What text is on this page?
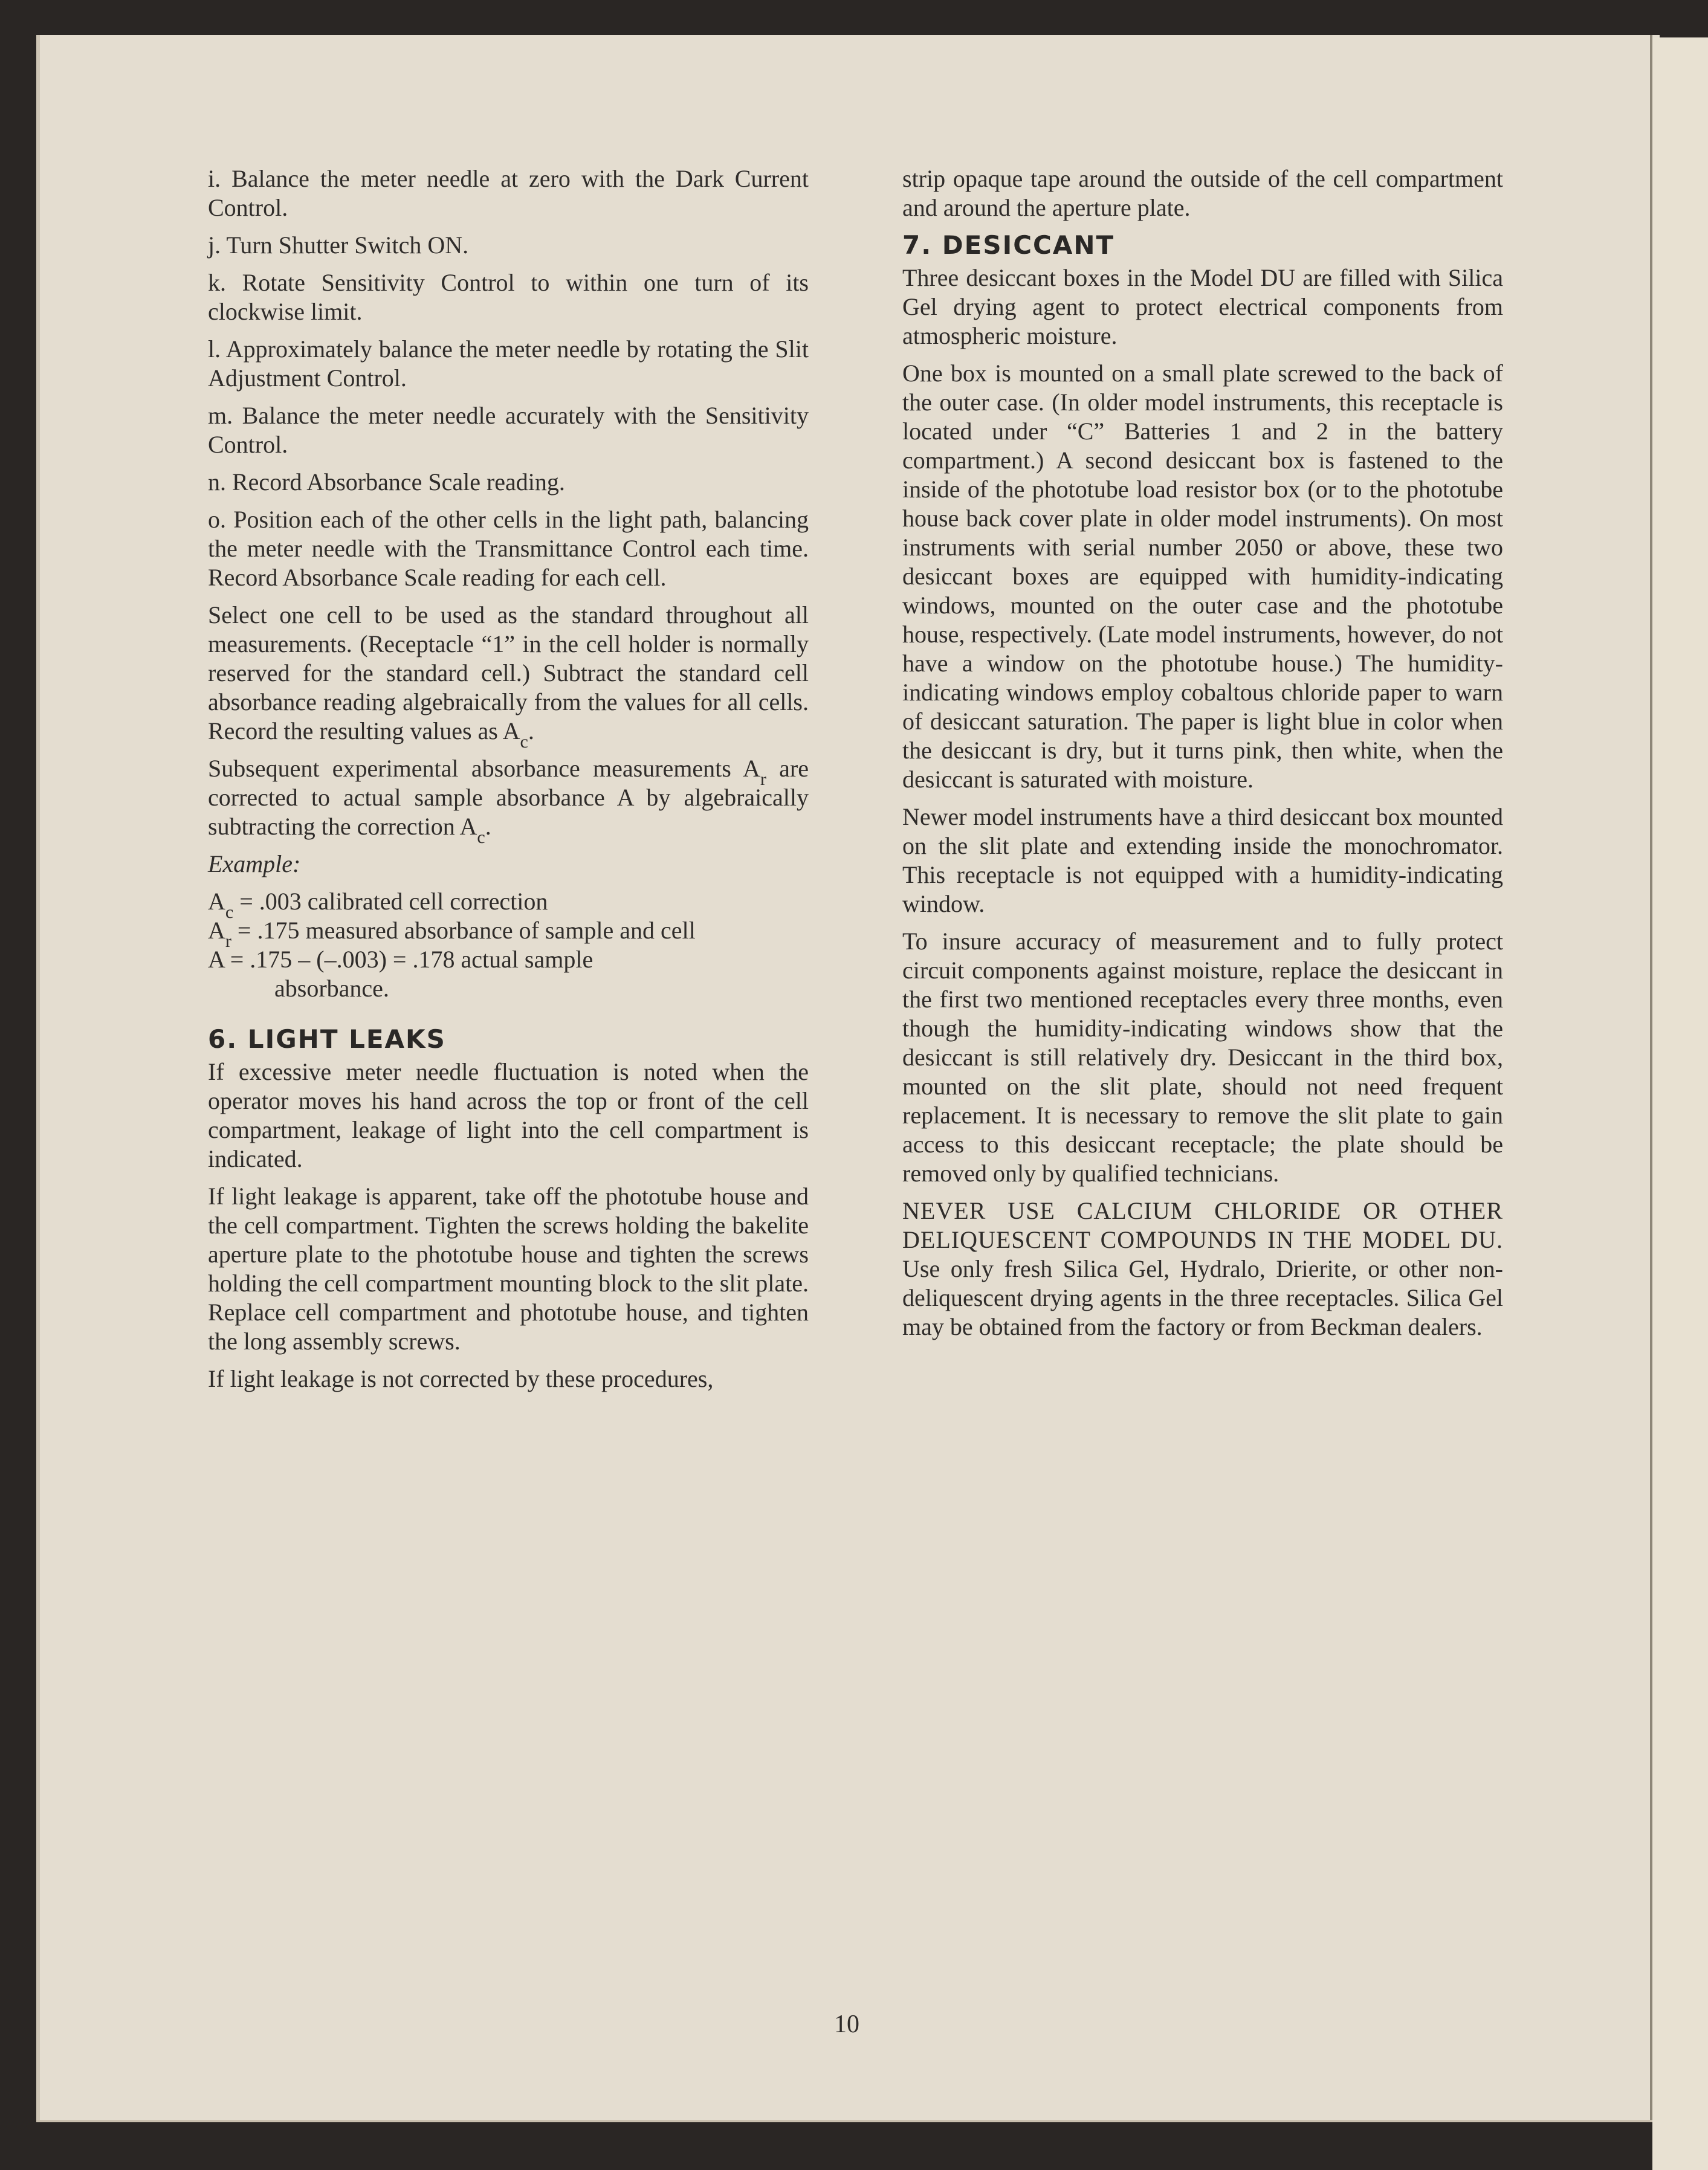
i. Balance the meter needle at zero with the Dark Current Control.

j. Turn Shutter Switch ON.

k. Rotate Sensitivity Control to within one turn of its clockwise limit.

l. Approximately balance the meter needle by rotating the Slit Adjustment Control.

m. Balance the meter needle accurately with the Sensitivity Control.

n. Record Absorbance Scale reading.

o. Position each of the other cells in the light path, balancing the meter needle with the Transmittance Control each time. Record Absorbance Scale reading for each cell.

Select one cell to be used as the standard throughout all measurements. (Receptacle “1” in the cell holder is normally reserved for the standard cell.) Subtract the standard cell absorbance reading algebraically from the values for all cells. Record the resulting values as $A_c$.

Subsequent experimental absorbance measurements $A_r$ are corrected to actual sample absorbance A by algebraically subtracting the correction $A_c$.

Example:

$A_c = .003$ calibrated cell correction

$A_r = .175$ measured absorbance of sample and cell

A = .175 – (–.003) = .178 actual sample

absorbance.

6. LIGHT LEAKS

If excessive meter needle fluctuation is noted when the operator moves his hand across the top or front of the cell compartment, leakage of light into the cell compartment is indicated.

If light leakage is apparent, take off the phototube house and the cell compartment. Tighten the screws holding the bakelite aperture plate to the phototube house and tighten the screws holding the cell compartment mounting block to the slit plate. Replace cell compartment and phototube house, and tighten the long assembly screws.

If light leakage is not corrected by these procedures,

strip opaque tape around the outside of the cell compartment and around the aperture plate.

7. DESICCANT

Three desiccant boxes in the Model DU are filled with Silica Gel drying agent to protect electrical components from atmospheric moisture.

One box is mounted on a small plate screwed to the back of the outer case. (In older model instruments, this receptacle is located under “C” Batteries 1 and 2 in the battery compartment.) A second desiccant box is fastened to the inside of the phototube load resistor box (or to the phototube house back cover plate in older model instruments). On most instruments with serial number 2050 or above, these two desiccant boxes are equipped with humidity-indicating windows, mounted on the outer case and the phototube house, respectively. (Late model instruments, however, do not have a window on the phototube house.) The humidity-indicating windows employ cobaltous chloride paper to warn of desiccant saturation. The paper is light blue in color when the desiccant is dry, but it turns pink, then white, when the desiccant is saturated with moisture.

Newer model instruments have a third desiccant box mounted on the slit plate and extending inside the monochromator. This receptacle is not equipped with a humidity-indicating window.

To insure accuracy of measurement and to fully protect circuit components against moisture, replace the desiccant in the first two mentioned receptacles every three months, even though the humidity-indicating windows show that the desiccant is still relatively dry. Desiccant in the third box, mounted on the slit plate, should not need frequent replacement. It is necessary to remove the slit plate to gain access to this desiccant receptacle; the plate should be removed only by qualified technicians.

NEVER USE CALCIUM CHLORIDE OR OTHER DELIQUESCENT COMPOUNDS IN THE MODEL DU. Use only fresh Silica Gel, Hydralo, Drierite, or other non-deliquescent drying agents in the three receptacles. Silica Gel may be obtained from the factory or from Beckman dealers.

10
